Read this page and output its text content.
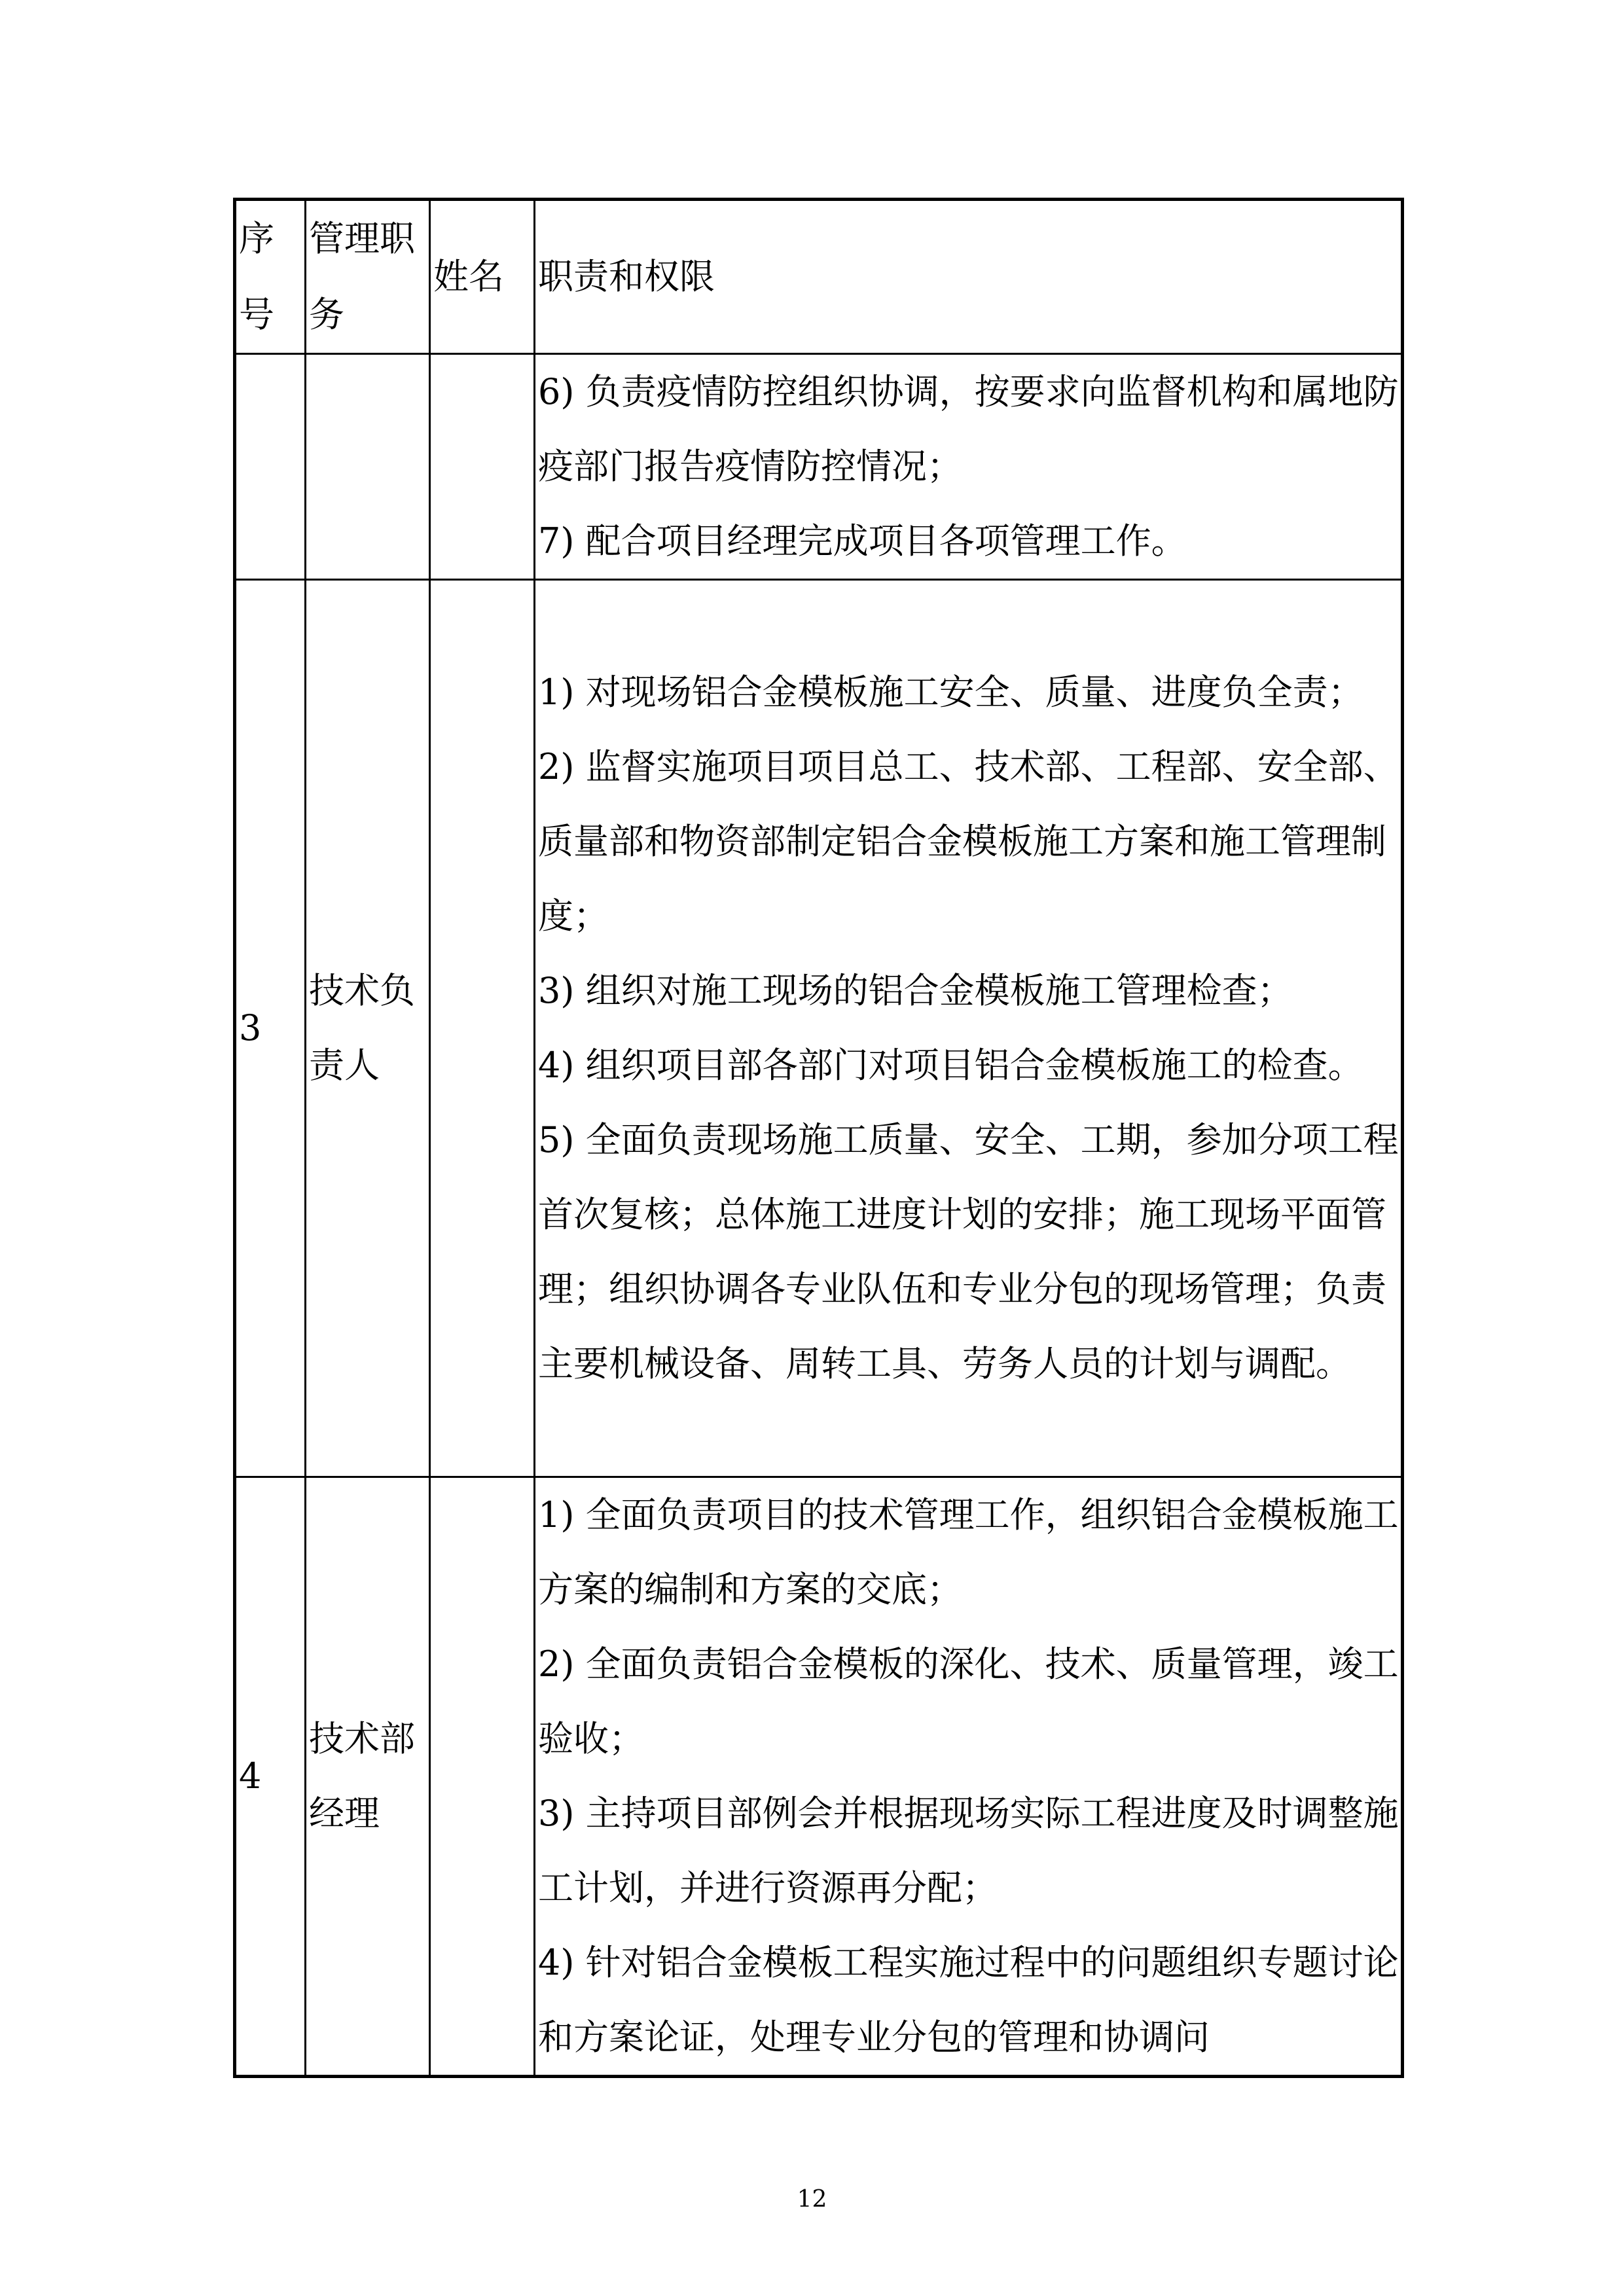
序号	管理职务	姓名	职责和权限

			6) 负责疫情防控组织协调，按要求向监督机构和属地防疫部门报告疫情防控情况；
7) 配合项目经理完成项目各项管理工作。

3	技术负责人		1) 对现场铝合金模板施工安全、质量、进度负全责；
2) 监督实施项目项目总工、技术部、工程部、安全部、质量部和物资部制定铝合金模板施工方案和施工管理制度；
3) 组织对施工现场的铝合金模板施工管理检查；
4) 组织项目部各部门对项目铝合金模板施工的检查。
5) 全面负责现场施工质量、安全、工期，参加分项工程首次复核；总体施工进度计划的安排；施工现场平面管理；组织协调各专业队伍和专业分包的现场管理；负责主要机械设备、周转工具、劳务人员的计划与调配。

4	技术部经理		1) 全面负责项目的技术管理工作，组织铝合金模板施工方案的编制和方案的交底；
2) 全面负责铝合金模板的深化、技术、质量管理，竣工验收；
3) 主持项目部例会并根据现场实际工程进度及时调整施工计划，并进行资源再分配；
4) 针对铝合金模板工程实施过程中的问题组织专题讨论和方案论证，处理专业分包的管理和协调问
12
